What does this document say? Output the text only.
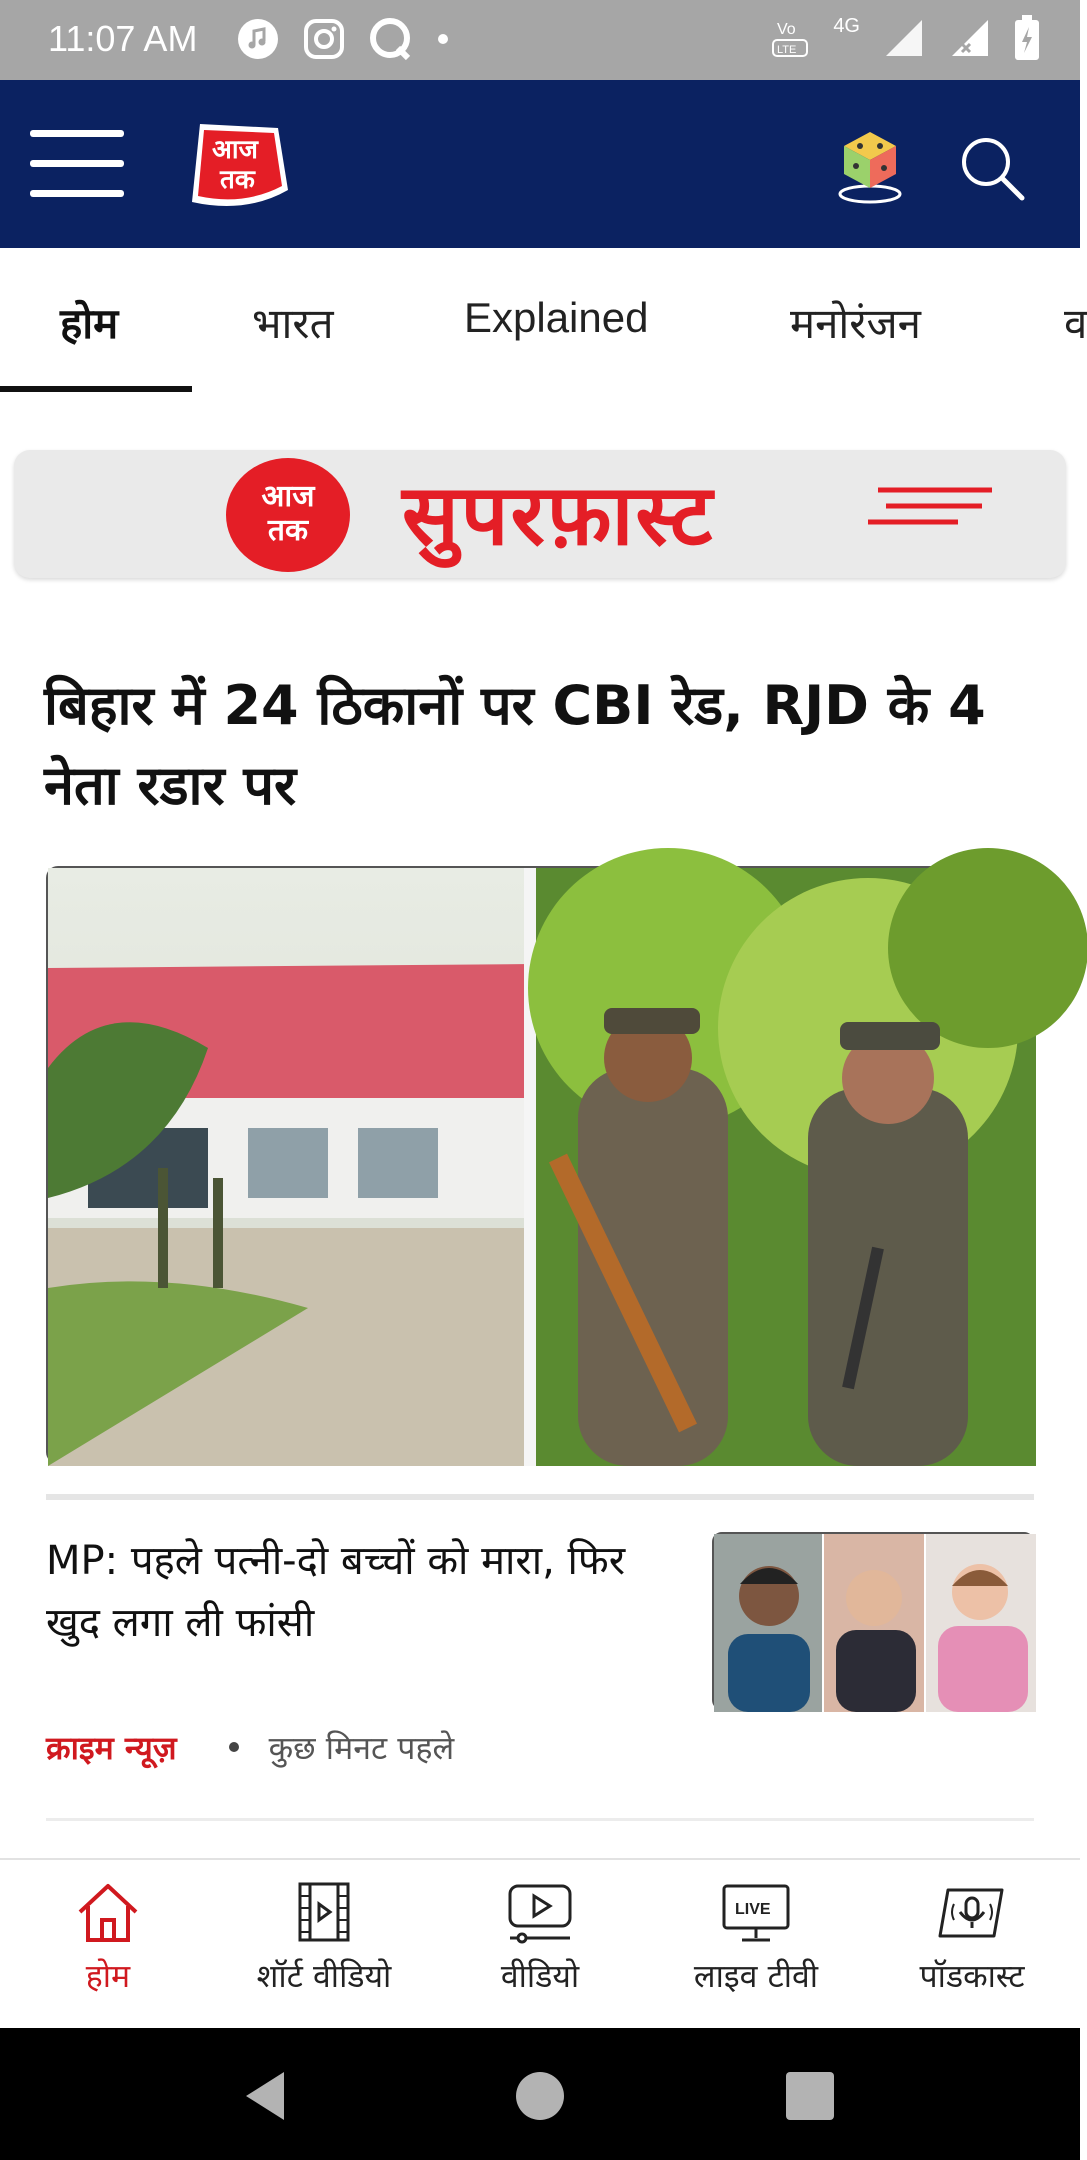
11:07 AM	Vo
LTE
4G
आज
तक
होम	भारत	Explained	मनोरंजन	व
आज
तक	सुपरफ़ास्ट
बिहार में 24 ठिकानों पर CBI रेड, RJD के 4 नेता रडार पर

MP: पहले पत्नी-दो बच्चों को मारा, फिर खुद लगा ली फांसी

क्राइम न्यूज़	कुछ मिनट पहले
होम	शॉर्ट वीडियो	वीडियो
LIVE
लाइव टीवी	पॉडकास्ट
